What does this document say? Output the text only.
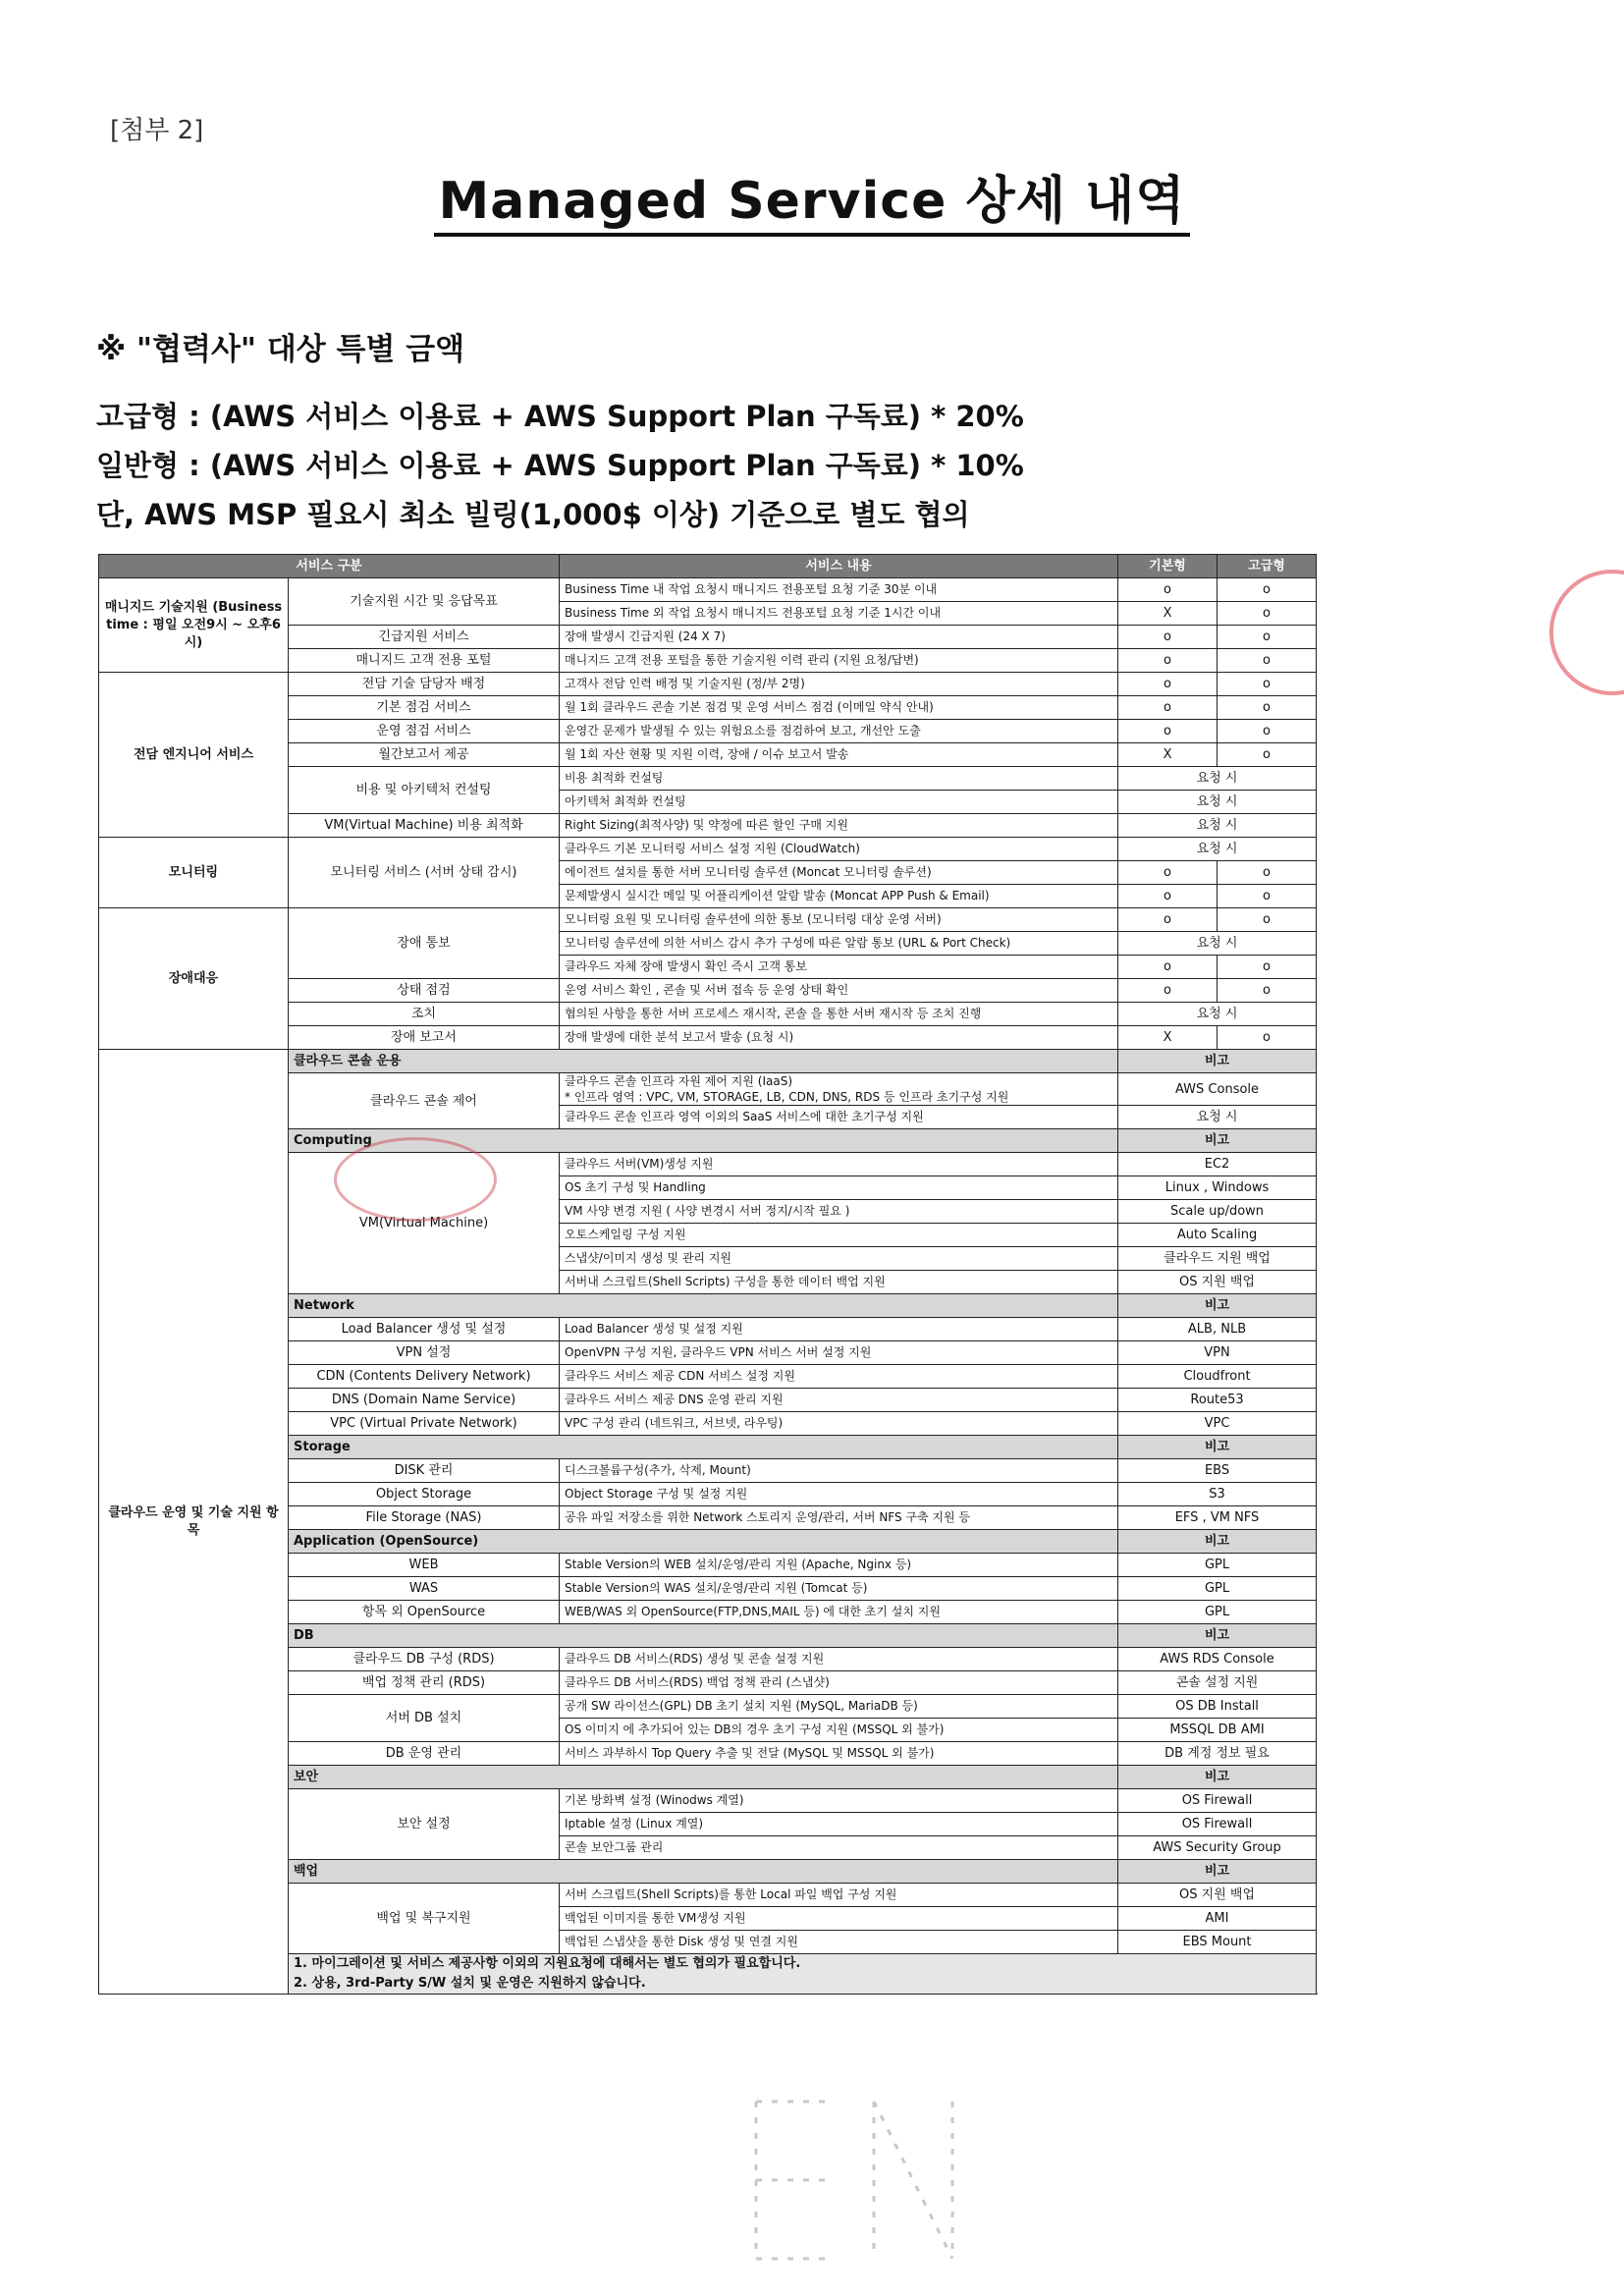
[첨부 2]
Managed Service 상세 내역
※ "협력사" 대상 특별 금액
고급형 : (AWS 서비스 이용료 + AWS Support Plan 구독료) * 20%
일반형 : (AWS 서비스 이용료 + AWS Support Plan 구독료) * 10%
단, AWS MSP 필요시 최소 빌링(1,000$ 이상) 기준으로 별도 협의
서비스 구분		서비스 내용	기본형	고급형
매니지드 기술지원 (Business time : 평일 오전9시 ~ 오후6시)	기술지원 시간 및 응답목표	Business Time 내 작업 요청시 매니지드 전용포털 요청 기준 30분 이내	o	o
		Business Time 외 작업 요청시 매니지드 전용포털 요청 기준 1시간 이내	X	o
	긴급지원 서비스	장애 발생시 긴급지원 (24 X 7)	o	o
	매니지드 고객 전용 포털	매니지드 고객 전용 포털을 통한 기술지원 이력 관리 (지원 요청/답변)	o	o
전담 엔지니어 서비스	전담 기술 담당자 배정	고객사 전담 인력 배정 및 기술지원 (정/부 2명)	o	o
	기본 점검 서비스	월 1회 클라우드 콘솔 기본 점검 및 운영 서비스 점검 (이메일 약식 안내)	o	o
	운영 점검 서비스	운영간 문제가 발생될 수 있는 위험요소를 점검하여 보고, 개선안 도출	o	o
	월간보고서 제공	월 1회 자산 현황 및 지원 이력, 장애 / 이슈 보고서 발송	X	o
	비용 및 아키텍처 컨설팅	비용 최적화 컨설팅	요청 시	
		아키텍처 최적화 컨설팅	요청 시	
	VM(Virtual Machine) 비용 최적화	Right Sizing(최적사양) 및 약정에 따른 할인 구매 지원	요청 시	
모니터링	모니터링 서비스 (서버 상태 감시)	클라우드 기본 모니터링 서비스 설정 지원 (CloudWatch)	요청 시	
		에이전트 설치를 통한 서버 모니터링 솔루션 (Moncat 모니터링 솔루션)	o	o
		문제발생시 실시간 메일 및 어플리케이션 알람 발송 (Moncat APP Push & Email)	o	o
장애대응	장애 통보	모니터링 요원 및 모니터링 솔루션에 의한 통보 (모니터링 대상 운영 서버)	o	o
		모니터링 솔루션에 의한 서비스 감시 추가 구성에 따른 알람 통보 (URL & Port Check)	요청 시	
		클라우드 자체 장애 발생시 확인 즉시 고객 통보	o	o
	상태 점검	운영 서비스 확인 , 콘솔 및 서버 접속 등 운영 상태 확인	o	o
	조치	협의된 사항을 통한 서버 프로세스 재시작, 콘솔 을 통한 서버 재시작 등 조치 진행	요청 시	
	장애 보고서	장애 발생에 대한 분석 보고서 발송 (요청 시)	X	o
클라우드 운영 및 기술 지원 항목	클라우드 콘솔 운용		비고	
	클라우드 콘솔 제어	클라우드 콘솔 인프라 자원 제어 지원 (IaaS)
* 인프라 영역 : VPC, VM, STORAGE, LB, CDN, DNS, RDS 등 인프라 초기구성 지원	AWS Console	
		클라우드 콘솔 인프라 영역 이외의 SaaS 서비스에 대한 초기구성 지원	요청 시	
	Computing		비고	
	VM(Virtual Machine)	클라우드 서버(VM)생성 지원	EC2	
		OS 초기 구성 및 Handling	Linux , Windows	
		VM 사양 변경 지원 ( 사양 변경시 서버 정지/시작 필요 )	Scale up/down	
		오토스케일링 구성 지원	Auto Scaling	
		스냅샷/이미지 생성 및 관리 지원	클라우드 지원 백업	
		서버내 스크립트(Shell Scripts) 구성을 통한 데이터 백업 지원	OS 지원 백업	
	Network		비고	
	Load Balancer 생성 및 설정	Load Balancer 생성 및 설정 지원	ALB, NLB	
	VPN 설정	OpenVPN 구성 지원, 클라우드 VPN 서비스 서버 설정 지원	VPN	
	CDN (Contents Delivery Network)	클라우드 서비스 제공 CDN 서비스 설정 지원	Cloudfront	
	DNS (Domain Name Service)	클라우드 서비스 제공 DNS 운영 관리 지원	Route53	
	VPC (Virtual Private Network)	VPC 구성 관리 (네트워크, 서브넷, 라우팅)	VPC	
	Storage		비고	
	DISK 관리	디스크볼륨구성(추가, 삭제, Mount)	EBS	
	Object Storage	Object Storage 구성 및 설정 지원	S3	
	File Storage (NAS)	공유 파일 저장소를 위한 Network 스토리지 운영/관리, 서버 NFS 구축 지원 등	EFS , VM NFS	
	Application (OpenSource)		비고	
	WEB	Stable Version의 WEB 설치/운영/관리 지원 (Apache, Nginx 등)	GPL	
	WAS	Stable Version의 WAS 설치/운영/관리 지원 (Tomcat 등)	GPL	
	항목 외 OpenSource	WEB/WAS 외 OpenSource(FTP,DNS,MAIL 등) 에 대한 초기 설치 지원	GPL	
	DB		비고	
	클라우드 DB 구성 (RDS)	클라우드 DB 서비스(RDS) 생성 및 콘솔 설정 지원	AWS RDS Console	
	백업 정책 관리 (RDS)	클라우드 DB 서비스(RDS) 백업 정책 관리 (스냅샷)	콘솔 설정 지원	
	서버 DB 설치	공개 SW 라이선스(GPL) DB 초기 설치 지원 (MySQL, MariaDB 등)	OS DB Install	
		OS 이미지 에 추가되어 있는 DB의 경우 초기 구성 지원 (MSSQL 외 불가)	MSSQL DB AMI	
	DB 운영 관리	서비스 과부하시 Top Query 추출 및 전달 (MySQL 및 MSSQL 외 불가)	DB 계정 정보 필요	
	보안		비고	
	보안 설정	기본 방화벽 설정 (Winodws 계열)	OS Firewall	
		Iptable 설정 (Linux 계열)	OS Firewall	
		콘솔 보안그룹 관리	AWS Security Group	
	백업		비고	
	백업 및 복구지원	서버 스크립트(Shell Scripts)를 통한 Local 파일 백업 구성 지원	OS 지원 백업	
		백업된 이미지를 통한 VM생성 지원	AMI	
		백업된 스냅샷을 통한 Disk 생성 및 연결 지원	EBS Mount	

	1. 마이그레이션 및 서비스 제공사항 이외의 지원요청에 대해서는 별도 협의가 필요합니다.
2. 상용, 3rd-Party S/W 설치 및 운영은 지원하지 않습니다.			
